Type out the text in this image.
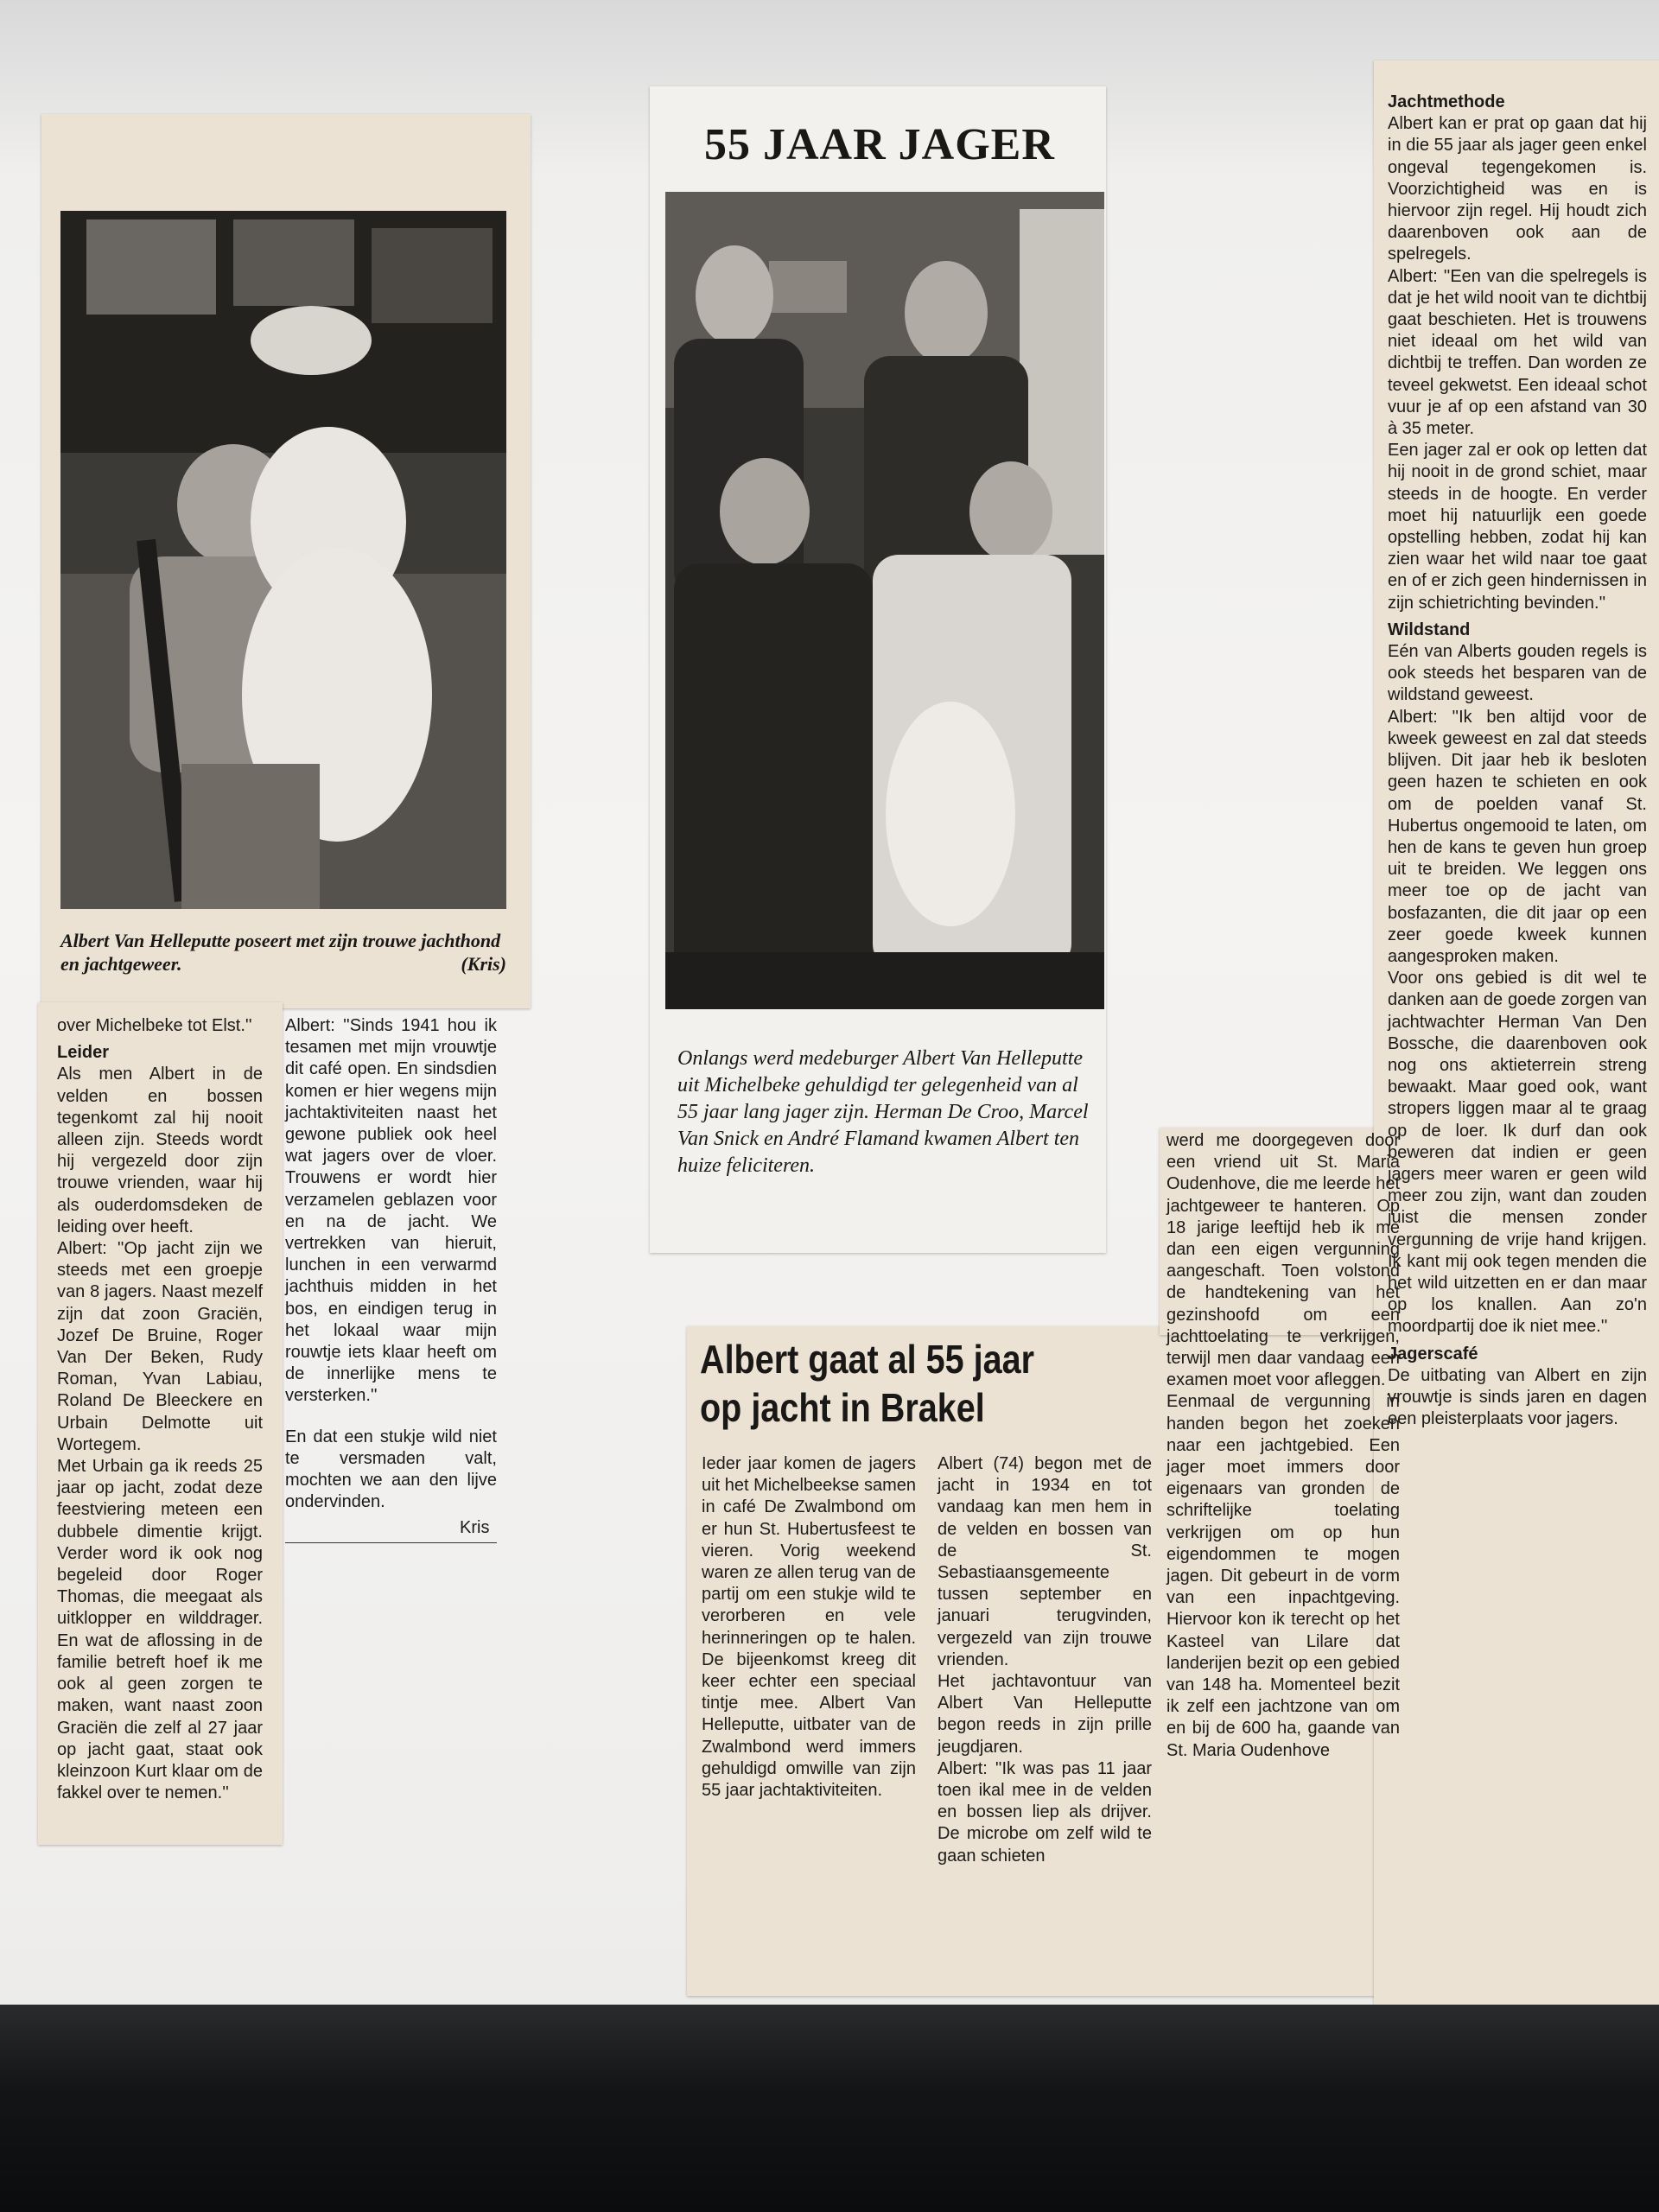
Albert Van Helleputte poseert met zijn trouwe jachthond en jachtgeweer.	(Kris)

over Michelbeke tot Elst.''

Leider

Als men Albert in de velden en bossen tegenkomt zal hij nooit alleen zijn. Steeds wordt hij vergezeld door zijn trouwe vrienden, waar hij als ouderdomsdeken de leiding over heeft.

Albert: ''Op jacht zijn we steeds met een groepje van 8 jagers. Naast mezelf zijn dat zoon Graciën, Jozef De Bruine, Roger Van Der Beken, Rudy Roman, Yvan Labiau, Roland De Bleeckere en Urbain Delmotte uit Wortegem.

Met Urbain ga ik reeds 25 jaar op jacht, zodat deze feestviering meteen een dubbele dimentie krijgt. Verder word ik ook nog begeleid door Roger Thomas, die meegaat als uitklopper en wilddrager. En wat de aflossing in de familie betreft hoef ik me ook al geen zorgen te maken, want naast zoon Graciën die zelf al 27 jaar op jacht gaat, staat ook kleinzoon Kurt klaar om de fakkel over te nemen.''

Albert: ''Sinds 1941 hou ik tesamen met mijn vrouwtje dit café open. En sindsdien komen er hier wegens mijn jachtaktiviteiten naast het gewone publiek ook heel wat jagers over de vloer. Trouwens er wordt hier verzamelen geblazen voor en na de jacht. We vertrekken van hieruit, lunchen in een verwarmd jachthuis midden in het bos, en eindigen terug in het lokaal waar mijn rouwtje iets klaar heeft om de innerlijke mens te versterken.''

En dat een stukje wild niet te versmaden valt, mochten we aan den lijve ondervinden.

Kris
55 JAAR JAGER
Onlangs werd medeburger Albert Van Helleputte uit Michelbeke gehuldigd ter gelegenheid van al 55 jaar lang jager zijn. Herman De Croo, Marcel Van Snick en André Flamand kwamen Albert ten huize feliciteren.
Albert gaat al 55 jaar
op jacht in Brakel

Ieder jaar komen de jagers uit het Michelbeekse samen in café De Zwalmbond om er hun St. Hubertusfeest te vieren. Vorig weekend waren ze allen terug van de partij om een stukje wild te verorberen en vele herinneringen op te halen. De bijeenkomst kreeg dit keer echter een speciaal tintje mee. Albert Van Helleputte, uitbater van de Zwalmbond werd immers gehuldigd omwille van zijn 55 jaar jachtaktiviteiten.

Albert (74) begon met de jacht in 1934 en tot vandaag kan men hem in de velden en bossen van de St. Sebastiaansgemeente tussen september en januari terugvinden, vergezeld van zijn trouwe vrienden.

Het jachtavontuur van Albert Van Helleputte begon reeds in zijn prille jeugdjaren.

Albert: ''Ik was pas 11 jaar toen ikal mee in de velden en bossen liep als drijver. De microbe om zelf wild te gaan schieten

werd me doorgegeven door een vriend uit St. Maria Oudenhove, die me leerde het jachtgeweer te hanteren. Op 18 jarige leeftijd heb ik me dan een eigen vergunning aangeschaft. Toen volstond de handtekening van het gezinshoofd om een jachttoelating te verkrijgen, terwijl men daar vandaag een examen moet voor afleggen.

Eenmaal de vergunning in handen begon het zoeken naar een jachtgebied. Een jager moet immers door eigenaars van gronden de schriftelijke toelating verkrijgen om op hun eigendommen te mogen jagen. Dit gebeurt in de vorm van een inpachtgeving. Hiervoor kon ik terecht op het Kasteel van Lilare dat landerijen bezit op een gebied van 148 ha. Momenteel bezit ik zelf een jachtzone van om en bij de 600 ha, gaande van St. Maria Oudenhove

Jachtmethode

Albert kan er prat op gaan dat hij in die 55 jaar als jager geen enkel ongeval tegengekomen is. Voorzichtigheid was en is hiervoor zijn regel. Hij houdt zich daarenboven ook aan de spelregels.

Albert: ''Een van die spelregels is dat je het wild nooit van te dichtbij gaat beschieten. Het is trouwens niet ideaal om het wild van dichtbij te treffen. Dan worden ze teveel gekwetst. Een ideaal schot vuur je af op een afstand van 30 à 35 meter.

Een jager zal er ook op letten dat hij nooit in de grond schiet, maar steeds in de hoogte. En verder moet hij natuurlijk een goede opstelling hebben, zodat hij kan zien waar het wild naar toe gaat en of er zich geen hindernissen in zijn schietrichting bevinden.''

Wildstand

Eén van Alberts gouden regels is ook steeds het besparen van de wildstand geweest.

Albert: ''Ik ben altijd voor de kweek geweest en zal dat steeds blijven. Dit jaar heb ik besloten geen hazen te schieten en ook om de poelden vanaf St. Hubertus ongemooid te laten, om hen de kans te geven hun groep uit te breiden. We leggen ons meer toe op de jacht van bosfazanten, die dit jaar op een zeer goede kweek kunnen aangesproken maken.

Voor ons gebied is dit wel te danken aan de goede zorgen van jachtwachter Herman Van Den Bossche, die daarenboven ook nog ons aktieterrein streng bewaakt. Maar goed ook, want stropers liggen maar al te graag op de loer. Ik durf dan ook beweren dat indien er geen jagers meer waren er geen wild meer zou zijn, want dan zouden juist die mensen zonder vergunning de vrije hand krijgen. Ik kant mij ook tegen menden die het wild uitzetten en er dan maar op los knallen. Aan zo'n moordpartij doe ik niet mee.''

Jagerscafé

De uitbating van Albert en zijn vrouwtje is sinds jaren en dagen een pleisterplaats voor jagers.
